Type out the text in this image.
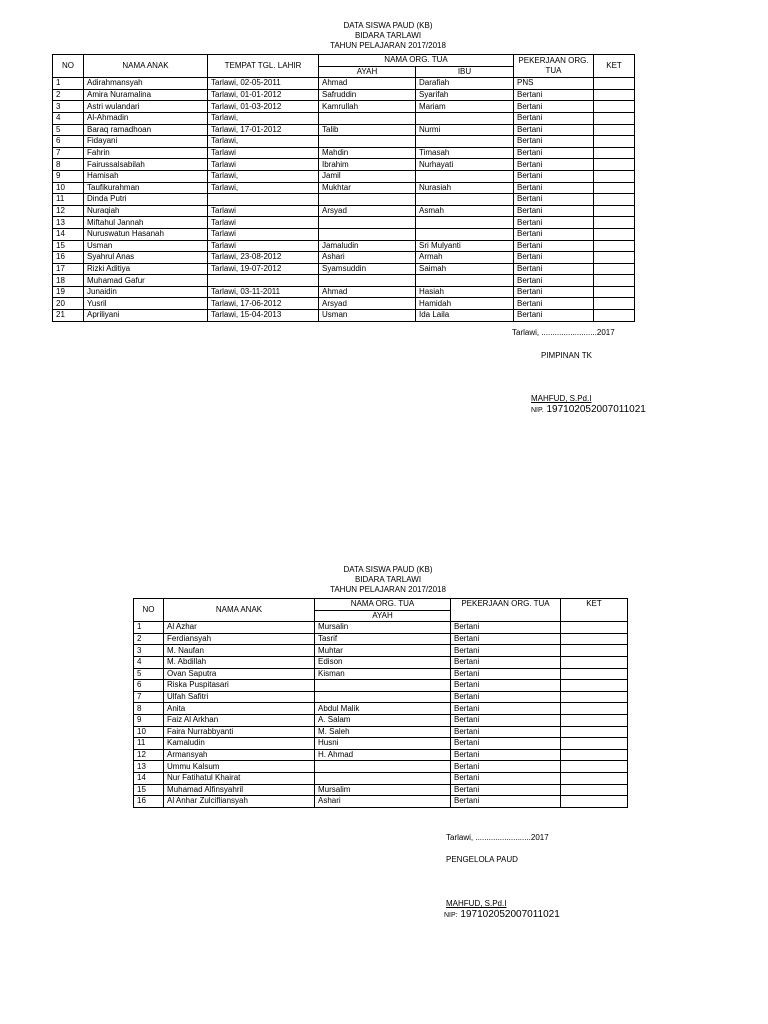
DATA SISWA PAUD (KB)
BIDARA TARLAWI
TAHUN PELAJARAN 2017/2018
NO	NAMA ANAK	TEMPAT TGL. LAHIR	NAMA ORG. TUA		PEKERJAAN ORG. TUA	KET
			AYAH	IBU		
1	Adirahmansyah	Tarlawi, 02-05-2011	Ahmad	Darafiah	PNS	
2	Amira Nuramalina	Tarlawi, 01-01-2012	Safruddin	Syarifah	Bertani	
3	Astri wulandari	Tarlawi, 01-03-2012	Kamrullah	Mariam	Bertani	
4	Al-Ahmadin	Tarlawi,			Bertani	
5	Baraq ramadhoan	Tarlawi, 17-01-2012	Talib	Nurmi	Bertani	
6	Fidayani	Tarlawi,			Bertani	
7	Fahrin	Tarlawi	Mahdin	Timasah	Bertani	
8	Fairussalsabilah	Tarlawi	Ibrahim	Nurhayati	Bertani	
9	Hamisah	Tarlawi,	Jamil		Bertani	
10	Taufikurahman	Tarlawi,	Mukhtar	Nurasiah	Bertani	
11	Dinda Putri				Bertani	
12	Nuraqiah	Tarlawi	Arsyad	Asmah	Bertani	
13	Miftahul Jannah	Tarlawi			Bertani	
14	Nuruswatun Hasanah	Tarlawi			Bertani	
15	Usman	Tarlawi	Jamaludin	Sri Mulyanti	Bertani	
16	Syahrul Anas	Tarlawi, 23-08-2012	Ashari	Armah	Bertani	
17	Rizki Aditiya	Tarlawi, 19-07-2012	Syamsuddin	Saimah	Bertani	
18	Muhamad Gafur				Bertani	
19	Junaidin	Tarlawi, 03-11-2011	Ahmad	Hasiah	Bertani	
20	Yusril	Tarlawi, 17-06-2012	Arsyad	Hamidah	Bertani	
21	Apriliyani	Tarlawi, 15-04-2013	Usman	Ida Laila	Bertani	
Tarlawi, .........................2017
PIMPINAN TK
MAHFUD, S.Pd.I
NIP. 197102052007011021
DATA SISWA PAUD (KB)
BIDARA TARLAWI
TAHUN PELAJARAN 2017/2018
NO	NAMA ANAK	NAMA ORG. TUA	PEKERJAAN ORG. TUA	KET
		AYAH		
1	Al Azhar	Mursalin	Bertani	
2	Ferdiansyah	Tasrif	Bertani	
3	M. Naufan	Muhtar	Bertani	
4	M. Abdillah	Edison	Bertani	
5	Ovan Saputra	Kisman	Bertani	
6	Riska Puspitasari		Bertani	
7	Ulfah Safitri		Bertani	
8	Anita	Abdul Malik	Bertani	
9	Faiz Al Arkhan	A. Salam	Bertani	
10	Faira Nurrabbyanti	M. Saleh	Bertani	
11	Kamaludin	Husni	Bertani	
12	Armansyah	H. Ahmad	Bertani	
13	Ummu Kalsum		Bertani	
14	Nur Fatihatul Khairat		Bertani	
15	Muhamad Alfinsyahril	Mursalim	Bertani	
16	Al Anhar Zulcifliansyah	Ashari	Bertani	
Tarlawi, .........................2017
PENGELOLA PAUD
MAHFUD, S.Pd.I
NIP: 197102052007011021
